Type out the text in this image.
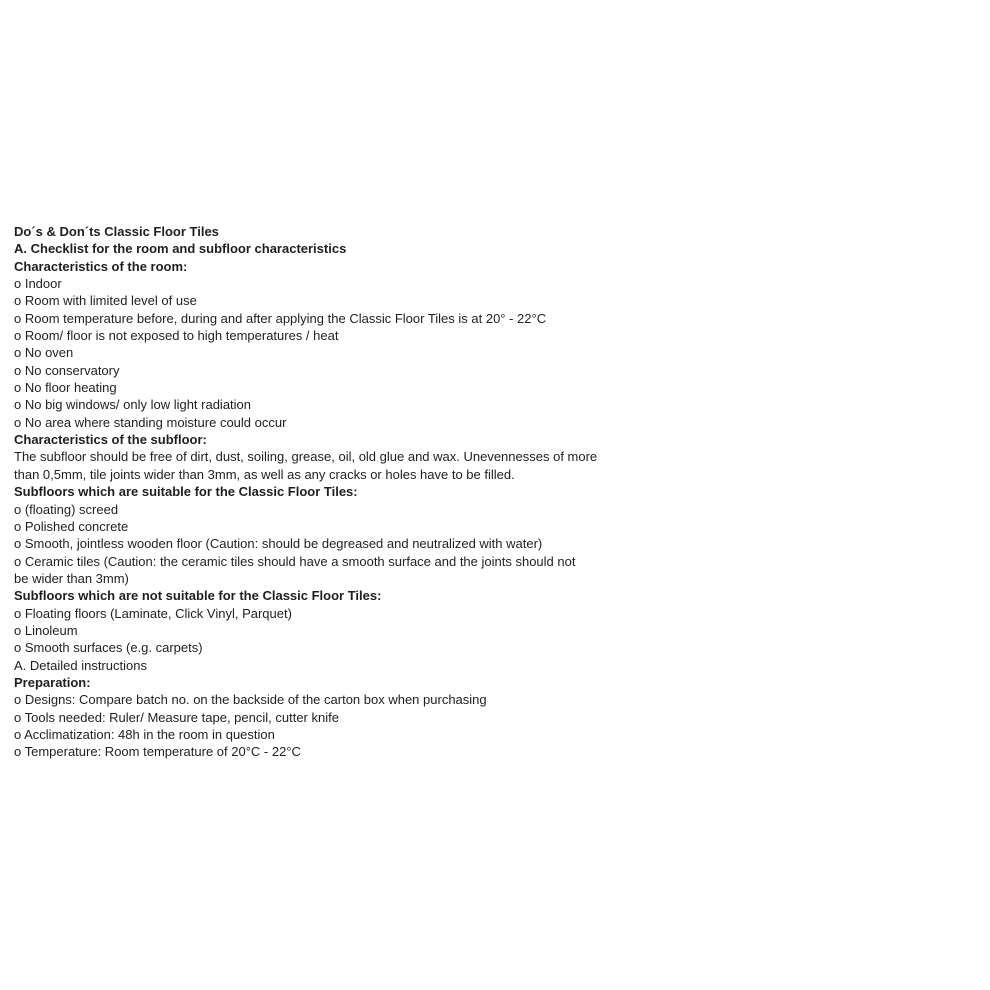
Do´s & Don´ts Classic Floor Tiles
A. Checklist for the room and subfloor characteristics
Characteristics of the room:
o Indoor
o Room with limited level of use
o Room temperature before, during and after applying the Classic Floor Tiles is at 20° - 22°C
o Room/ floor is not exposed to high temperatures / heat
o No oven
o No conservatory
o No floor heating
o No big windows/ only low light radiation
o No area where standing moisture could occur
Characteristics of the subfloor:
The subfloor should be free of dirt, dust, soiling, grease, oil, old glue and wax. Unevennesses of more
than 0,5mm, tile joints wider than 3mm, as well as any cracks or holes have to be filled.
Subfloors which are suitable for the Classic Floor Tiles:
o (floating) screed
o Polished concrete
o Smooth, jointless wooden floor (Caution: should be degreased and neutralized with water)
o Ceramic tiles (Caution: the ceramic tiles should have a smooth surface and the joints should not
be wider than 3mm)
Subfloors which are not suitable for the Classic Floor Tiles:
o Floating floors (Laminate, Click Vinyl, Parquet)
o Linoleum
o Smooth surfaces (e.g. carpets)
A. Detailed instructions
Preparation:
o Designs: Compare batch no. on the backside of the carton box when purchasing
o Tools needed: Ruler/ Measure tape, pencil, cutter knife
o Acclimatization: 48h in the room in question
o Temperature: Room temperature of 20°C - 22°C
